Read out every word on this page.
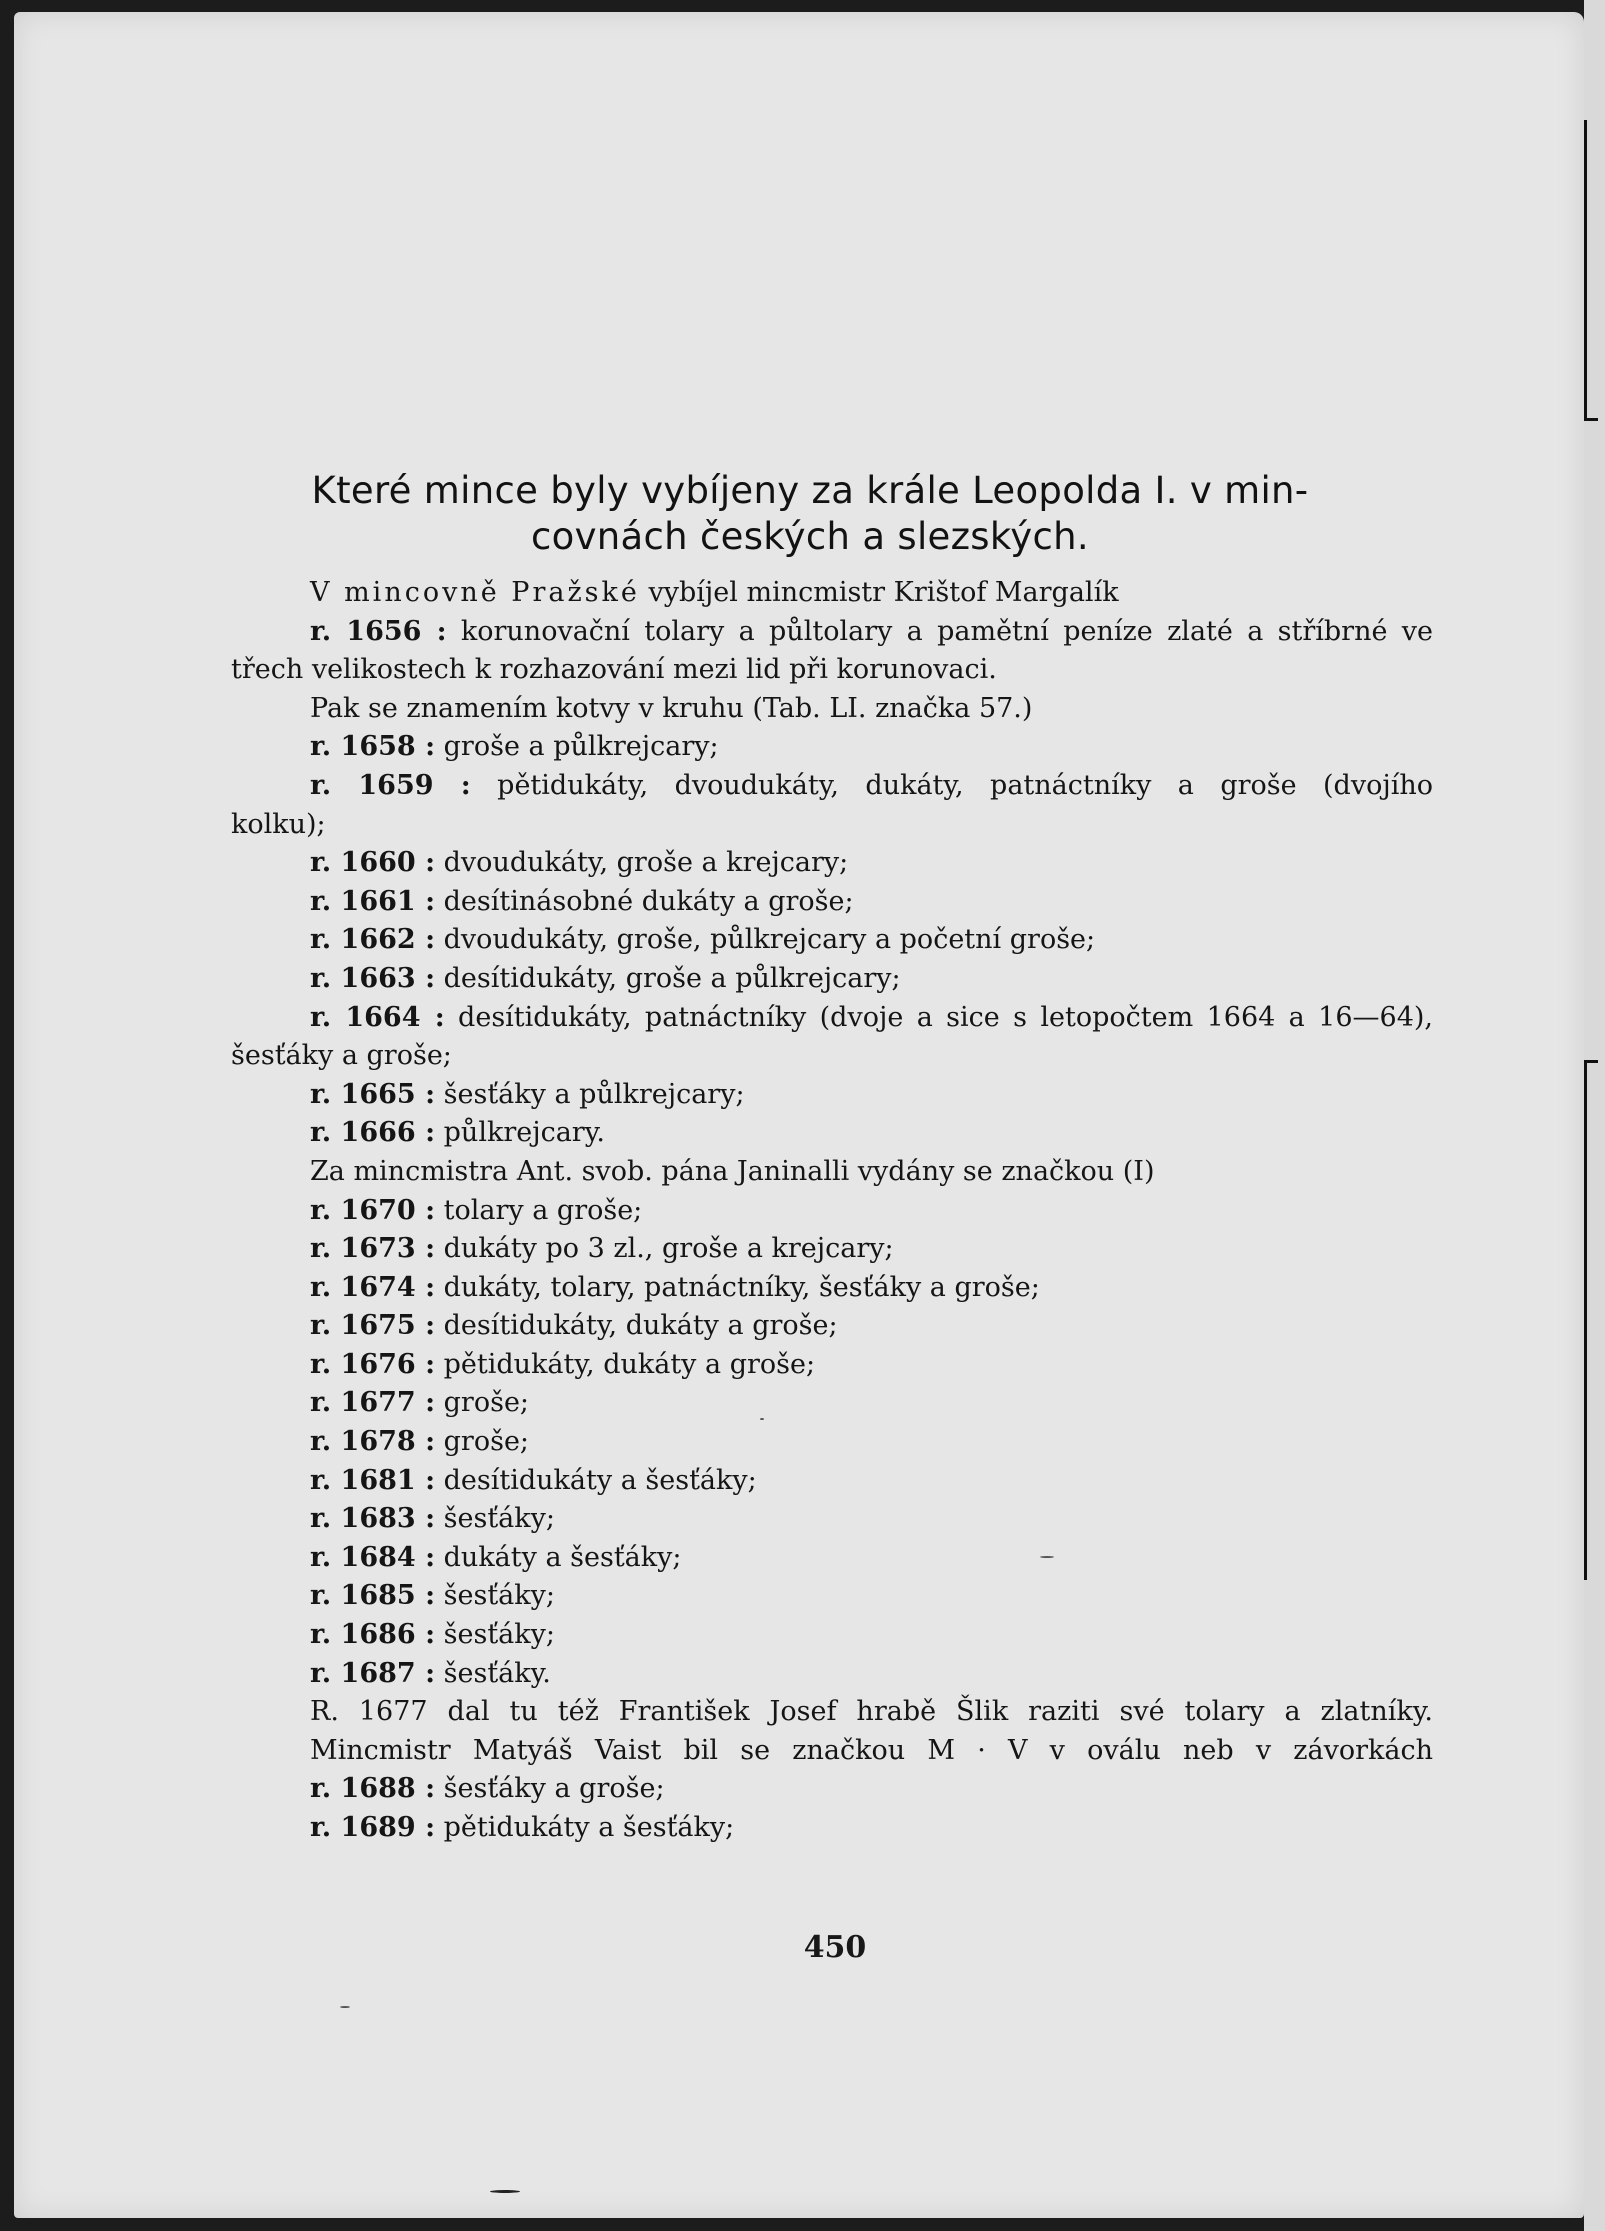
Které mince byly vybíjeny za krále Leopolda I. v min-
covnách českých a slezských.
V mincovně Pražské vybíjel mincmistr Krištof Margalík
r. 1656 : korunovační tolary a půltolary a pamětní peníze zlaté a stříbrné ve
třech velikostech k rozhazování mezi lid při korunovaci.
Pak se znamením kotvy v kruhu (Tab. LI. značka 57.)
r. 1658 : groše a půlkrejcary;
r. 1659 : pětidukáty, dvoudukáty, dukáty, patnáctníky a groše (dvojího
kolku);
r. 1660 : dvoudukáty, groše a krejcary;
r. 1661 : desítinásobné dukáty a groše;
r. 1662 : dvoudukáty, groše, půlkrejcary a početní groše;
r. 1663 : desítidukáty, groše a půlkrejcary;
r. 1664 : desítidukáty, patnáctníky (dvoje a sice s letopočtem 1664 a 16—64),
šesťáky a groše;
r. 1665 : šesťáky a půlkrejcary;
r. 1666 : půlkrejcary.
Za mincmistra Ant. svob. pána Janinalli vydány se značkou (I)
r. 1670 : tolary a groše;
r. 1673 : dukáty po 3 zl., groše a krejcary;
r. 1674 : dukáty, tolary, patnáctníky, šesťáky a groše;
r. 1675 : desítidukáty, dukáty a groše;
r. 1676 : pětidukáty, dukáty a groše;
r. 1677 : groše;
r. 1678 : groše;
r. 1681 : desítidukáty a šesťáky;
r. 1683 : šesťáky;
r. 1684 : dukáty a šesťáky;
r. 1685 : šesťáky;
r. 1686 : šesťáky;
r. 1687 : šesťáky.
R. 1677 dal tu též František Josef hrabě Šlik raziti své tolary a zlatníky.
Mincmistr Matyáš Vaist bil se značkou M · V v oválu neb v závorkách
r. 1688 : šesťáky a groše;
r. 1689 : pětidukáty a šesťáky;
450
